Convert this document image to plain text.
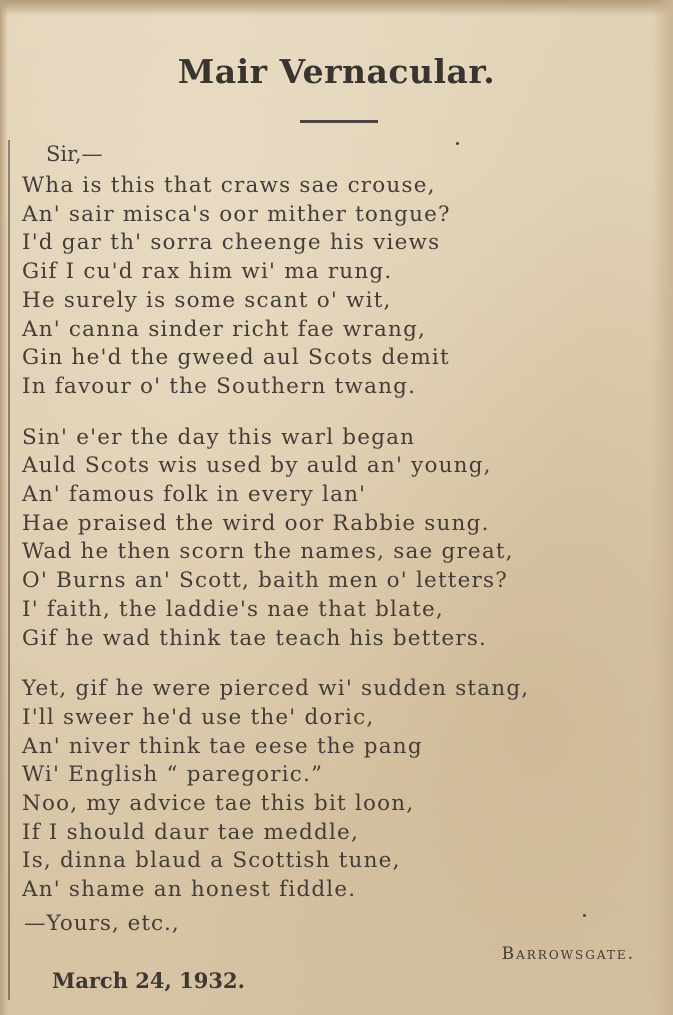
Mair Vernacular.
Sir,—
Wha is this that craws sae crouse,
An' sair misca's oor mither tongue?
I'd gar th' sorra cheenge his views
Gif I cu'd rax him wi' ma rung.
He surely is some scant o' wit,
An' canna sinder richt fae wrang,
Gin he'd the gweed aul Scots demit
In favour o' the Southern twang.
Sin' e'er the day this warl began
Auld Scots wis used by auld an' young,
An' famous folk in every lan'
Hae praised the wird oor Rabbie sung.
Wad he then scorn the names, sae great,
O' Burns an' Scott, baith men o' letters?
I' faith, the laddie's nae that blate,
Gif he wad think tae teach his betters.
Yet, gif he were pierced wi' sudden stang,
I'll sweer he'd use the' doric,
An' niver think tae eese the pang
Wi' English “ paregoric.”
Noo, my advice tae this bit loon,
If I should daur tae meddle,
Is, dinna blaud a Scottish tune,
An' shame an honest fiddle.
—Yours, etc.,
Barrowsgate.
March 24, 1932.
